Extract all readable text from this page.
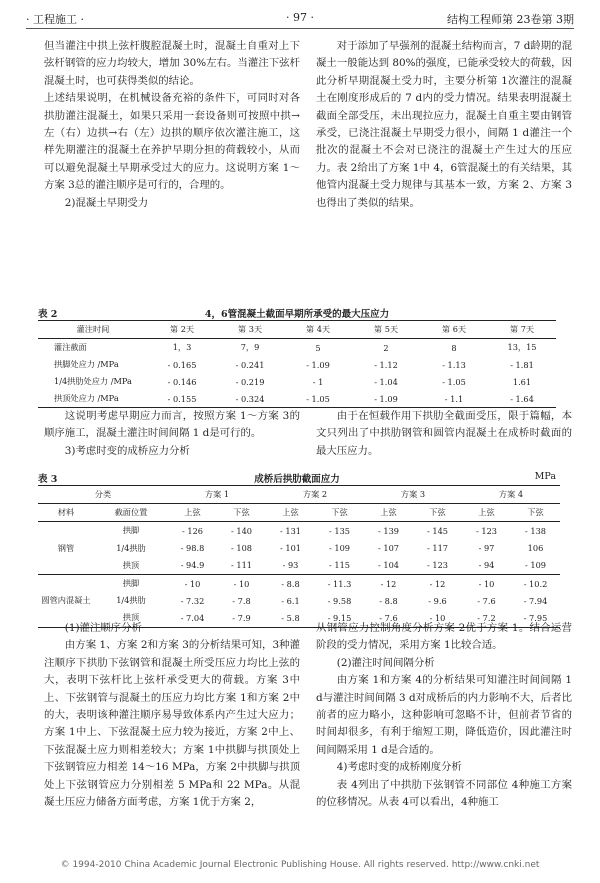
· 工程施工 ·	· 97 ·	结构工程师第 23卷第 3期

但当灌注中拱上弦杆腹腔混凝土时，混凝土自重对上下弦杆钢管的应力均较大，增加 30%左右。当灌注下弦杆混凝土时，也可获得类似的结论。

上述结果说明，在机械设备充裕的条件下，可同时对各拱肋灌注混凝土，如果只采用一套设备则可按照中拱→左（右）边拱→右（左）边拱的顺序依次灌注施工，这样先期灌注的混凝土在养护早期分担的荷载较小，从而可以避免混凝土早期承受过大的应力。这说明方案 1～方案 3总的灌注顺序是可行的，合理的。

2)混凝土早期受力

对于添加了早强剂的混凝土结构而言，7 d龄期的混凝土一般能达到 80%的强度，已能承受较大的荷载，因此分析早期混凝土受力时，主要分析第 1次灌注的混凝土在刚度形成后的 7 d内的受力情况。结果表明混凝土截面全部受压，未出现拉应力，混凝土自重主要由钢管承受，已浇注混凝土早期受力很小，间隔 1 d灌注一个批次的混凝土不会对已浇注的混凝土产生过大的压应力。表 2给出了方案 1中 4，6管混凝土的有关结果，其他管内混凝土受力规律与其基本一致，方案 2、方案 3也得出了类似的结果。

表 2	4，6管混凝土截面早期所承受的最大压应力
灌注时间	第 2天	第 3天	第 4天	第 5天	第 6天	第 7天
灌注截面	1，3	7，9	5	2	8	13，15
拱脚处应力 /MPa	- 0.165	- 0.241	- 1.09	- 1.12	- 1.13	- 1.81
1/4拱肋处应力 /MPa	- 0.146	- 0.219	- 1	- 1.04	- 1.05	1.61
拱顶处应力 /MPa	- 0.155	- 0.324	- 1.05	- 1.09	- 1.1	- 1.64

这说明考虑早期应力而言，按照方案 1～方案 3的顺序施工，混凝土灌注时间间隔 1 d是可行的。

3)考虑时变的成桥应力分析

由于在恒载作用下拱肋全截面受压，限于篇幅，本文只列出了中拱肋钢管和圆管内混凝土在成桥时截面的最大压应力。

表 3	成桥后拱肋截面应力	MPa
分类		方案 1		方案 2		方案 3		方案 4	
材料	截面位置	上弦	下弦	上弦	下弦	上弦	下弦	上弦	下弦
钢管	拱脚	- 126	- 140	- 131	- 135	- 139	- 145	- 123	- 138
	1/4拱肋	- 98.8	- 108	- 101	- 109	- 107	- 117	- 97	106
	拱顶	- 94.9	- 111	- 93	- 115	- 104	- 123	- 94	- 109
圆管内混凝土	拱脚	- 10	- 10	- 8.8	- 11.3	- 12	- 12	- 10	- 10.2
	1/4拱肋	- 7.32	- 7.8	- 6.1	- 9.58	- 8.8	- 9.6	- 7.6	- 7.94
	拱顶	- 7.04	- 7.9	- 5.8	- 9.15	- 7.6	- 10	- 7.2	- 7.95

(1)灌注顺序分析

由方案 1、方案 2和方案 3的分析结果可知，3种灌注顺序下拱肋下弦钢管和混凝土所受压应力均比上弦的大，表明下弦杆比上弦杆承受更大的荷载。方案 3中上、下弦钢管与混凝土的压应力均比方案 1和方案 2中的大，表明该种灌注顺序易导致体系内产生过大应力；方案 1中上、下弦混凝土应力较为接近，方案 2中上、下弦混凝土应力则相差较大；方案 1中拱脚与拱顶处上下弦钢管应力相差 14～16 MPa，方案 2中拱脚与拱顶处上下弦钢管应力分别相差 5 MPa和 22 MPa。从混凝土压应力储备方面考虑，方案 1优于方案 2，

从钢管应力控制角度分析方案 2优于方案 1。结合运营阶段的受力情况，采用方案 1比较合适。

(2)灌注时间间隔分析

由方案 1和方案 4的分析结果可知灌注时间间隔 1 d与灌注时间间隔 3 d对成桥后的内力影响不大，后者比前者的应力略小，这种影响可忽略不计，但前者节省的时间却很多，有利于缩短工期，降低造价，因此灌注时间间隔采用 1 d是合适的。

4)考虑时变的成桥刚度分析

表 4列出了中拱肋下弦钢管不同部位 4种施工方案的位移情况。从表 4可以看出，4种施工

© 1994-2010 China Academic Journal Electronic Publishing House. All rights reserved. http://www.cnki.net
